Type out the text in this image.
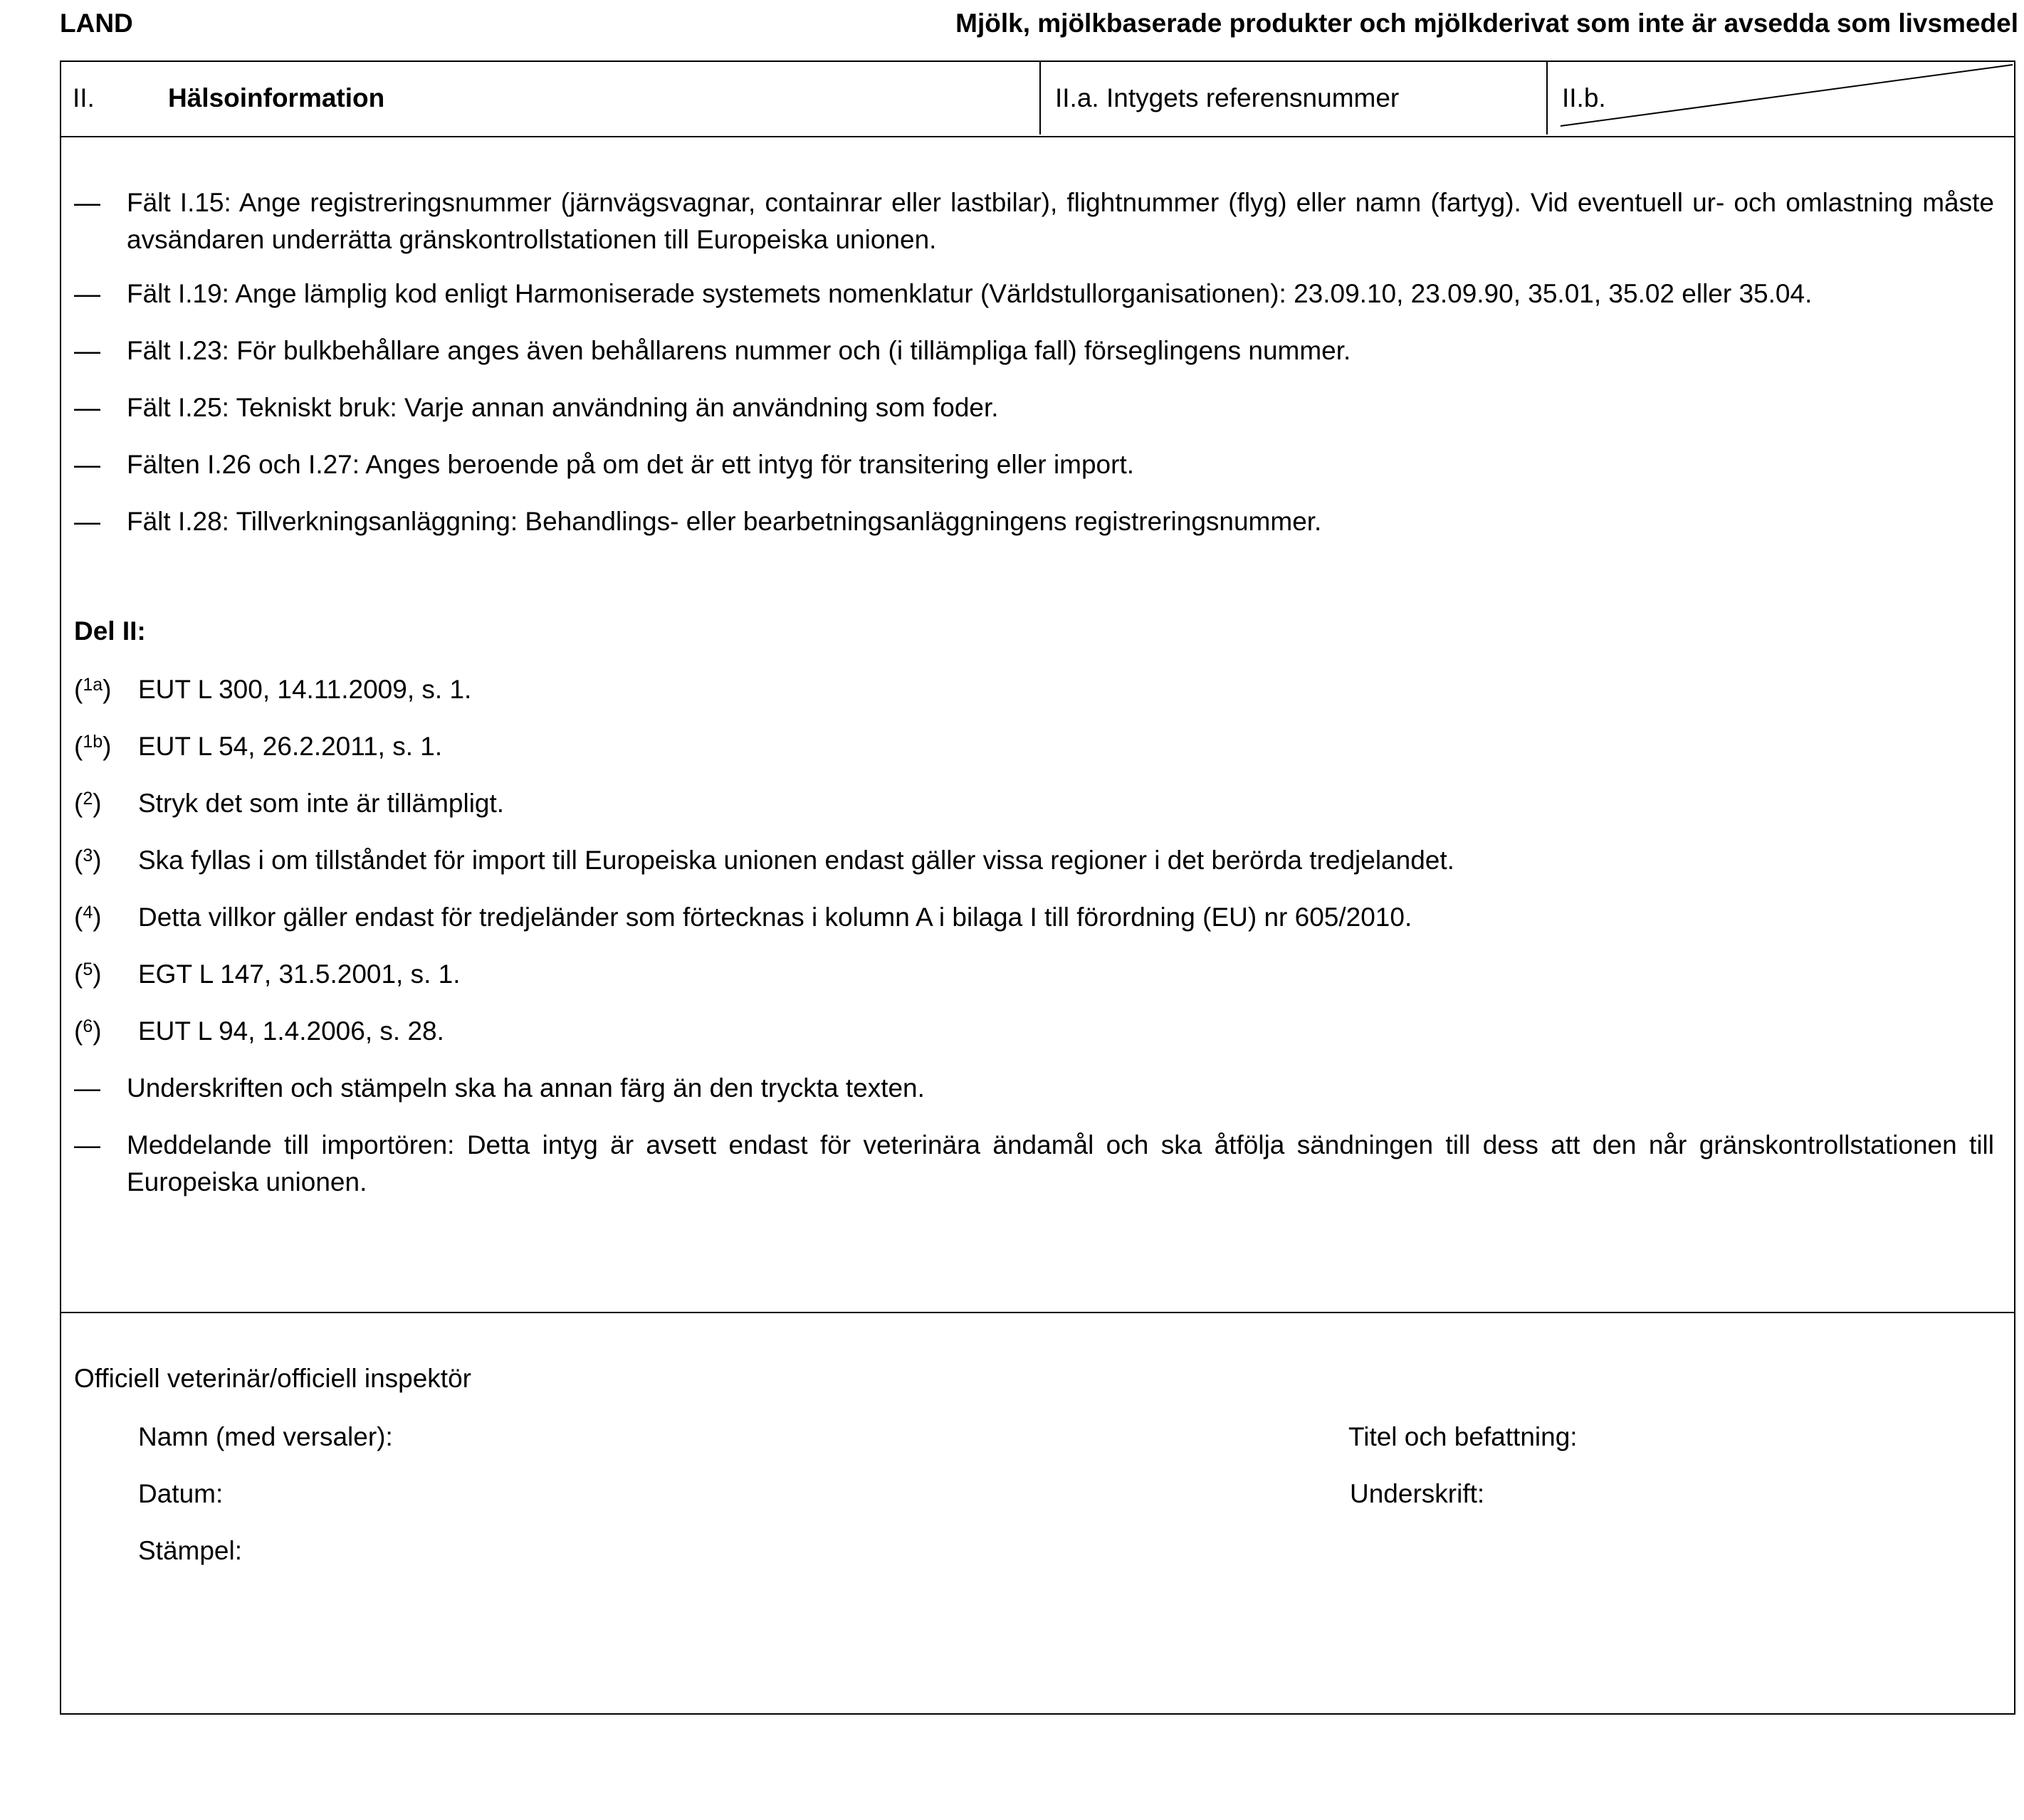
LAND	Mjölk, mjölkbaserade produkter och mjölkderivat som inte är avsedda som livsmedel
II.	Hälsoinformation	II.a. Intygets referensnummer	II.b.
— Fält I.15: Ange registreringsnummer (järnvägsvagnar, containrar eller lastbilar), flightnummer (flyg) eller namn (fartyg). Vid eventuell ur- och omlastning måste avsändaren underrätta gränskontrollstationen till Europeiska unionen.
— Fält I.19: Ange lämplig kod enligt Harmoniserade systemets nomenklatur (Världstullorganisationen): 23.09.10, 23.09.90, 35.01, 35.02 eller 35.04.
— Fält I.23: För bulkbehållare anges även behållarens nummer och (i tillämpliga fall) förseglingens nummer.
— Fält I.25: Tekniskt bruk: Varje annan användning än användning som foder.
— Fälten I.26 och I.27: Anges beroende på om det är ett intyg för transitering eller import.
— Fält I.28: Tillverkningsanläggning: Behandlings- eller bearbetningsanläggningens registreringsnummer.
Del II:
($^{1a}$) EUT L 300, 14.11.2009, s. 1.
($^{1b}$) EUT L 54, 26.2.2011, s. 1.
($^2$) Stryk det som inte är tillämpligt.
($^3$) Ska fyllas i om tillståndet för import till Europeiska unionen endast gäller vissa regioner i det berörda tredjelandet.
($^4$) Detta villkor gäller endast för tredjeländer som förtecknas i kolumn A i bilaga I till förordning (EU) nr 605/2010.
($^5$) EGT L 147, 31.5.2001, s. 1.
($^6$) EUT L 94, 1.4.2006, s. 28.
— Underskriften och stämpeln ska ha annan färg än den tryckta texten.
— Meddelande till importören: Detta intyg är avsett endast för veterinära ändamål och ska åtfölja sändningen till dess att den når gränskontrollstationen till Europeiska unionen.
Officiell veterinär/officiell inspektör
Namn (med versaler):	Titel och befattning:
Datum:	Underskrift:
Stämpel:
